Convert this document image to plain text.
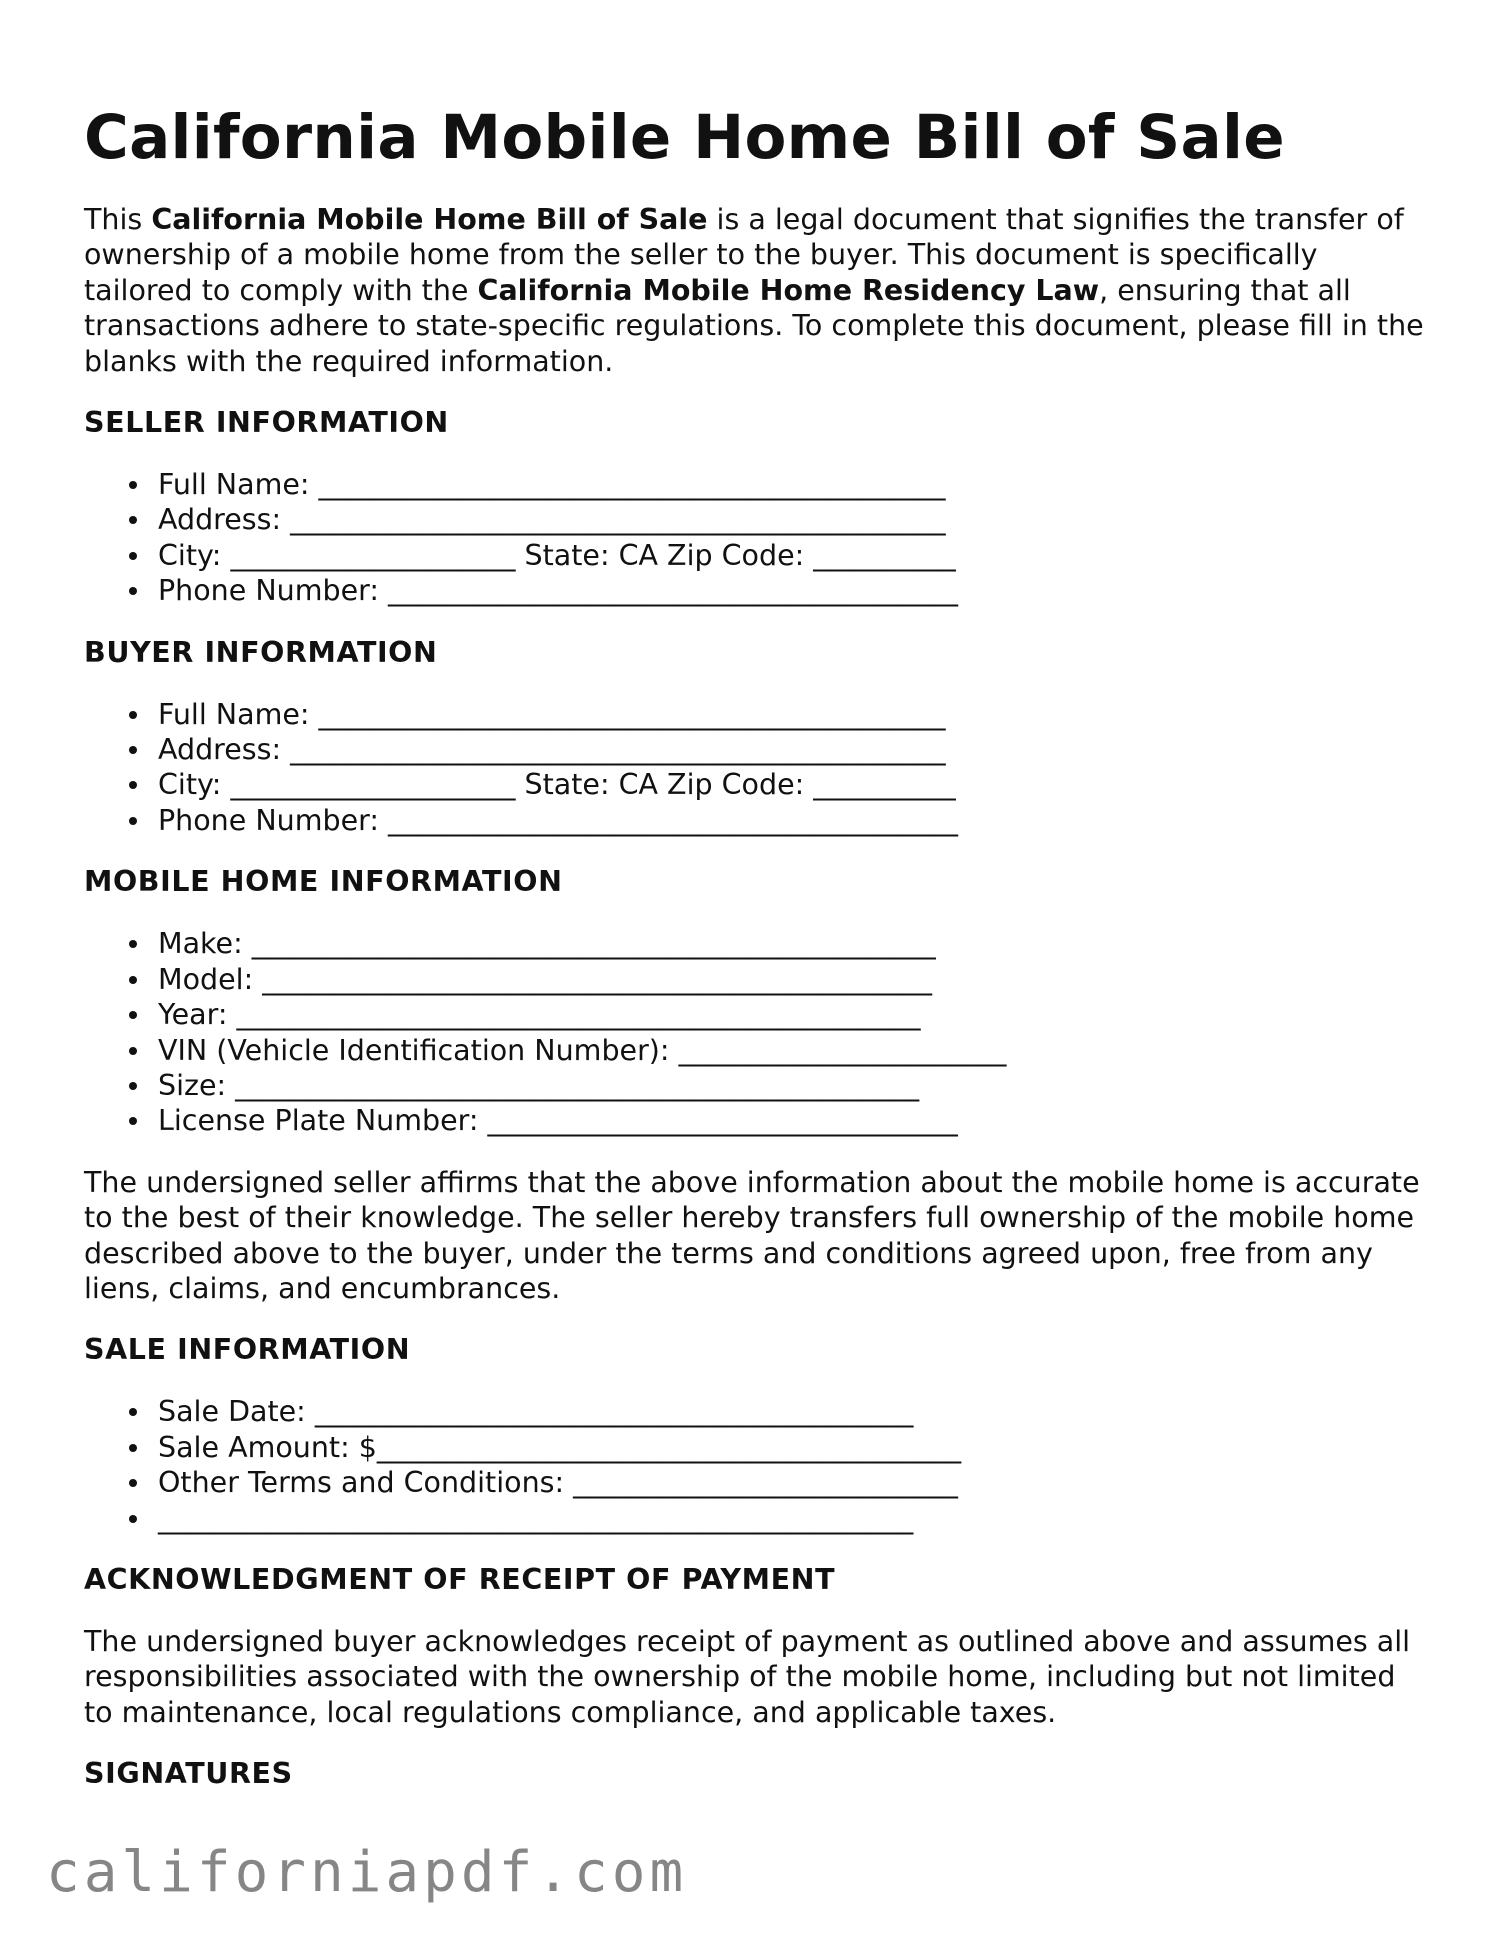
California Mobile Home Bill of Sale

This California Mobile Home Bill of Sale is a legal document that signifies the transfer of ownership of a mobile home from the seller to the buyer. This document is specifically tailored to comply with the California Mobile Home Residency Law, ensuring that all transactions adhere to state-specific regulations. To complete this document, please fill in the blanks with the required information.

SELLER INFORMATION
Full Name: ____________________________________________
Address: ______________________________________________
City: ____________________ State: CA Zip Code: __________
Phone Number: ________________________________________
BUYER INFORMATION
Full Name: ____________________________________________
Address: ______________________________________________
City: ____________________ State: CA Zip Code: __________
Phone Number: ________________________________________
MOBILE HOME INFORMATION
Make: ________________________________________________
Model: _______________________________________________
Year: ________________________________________________
VIN (Vehicle Identification Number): _______________________
Size: ________________________________________________
License Plate Number: _________________________________

The undersigned seller affirms that the above information about the mobile home is accurate to the best of their knowledge. The seller hereby transfers full ownership of the mobile home described above to the buyer, under the terms and conditions agreed upon, free from any liens, claims, and encumbrances.

SALE INFORMATION
Sale Date: __________________________________________
Sale Amount: $_________________________________________
Other Terms and Conditions: ___________________________
_____________________________________________________
ACKNOWLEDGMENT OF RECEIPT OF PAYMENT

The undersigned buyer acknowledges receipt of payment as outlined above and assumes all responsibilities associated with the ownership of the mobile home, including but not limited to maintenance, local regulations compliance, and applicable taxes.

SIGNATURES
californiapdf.com
